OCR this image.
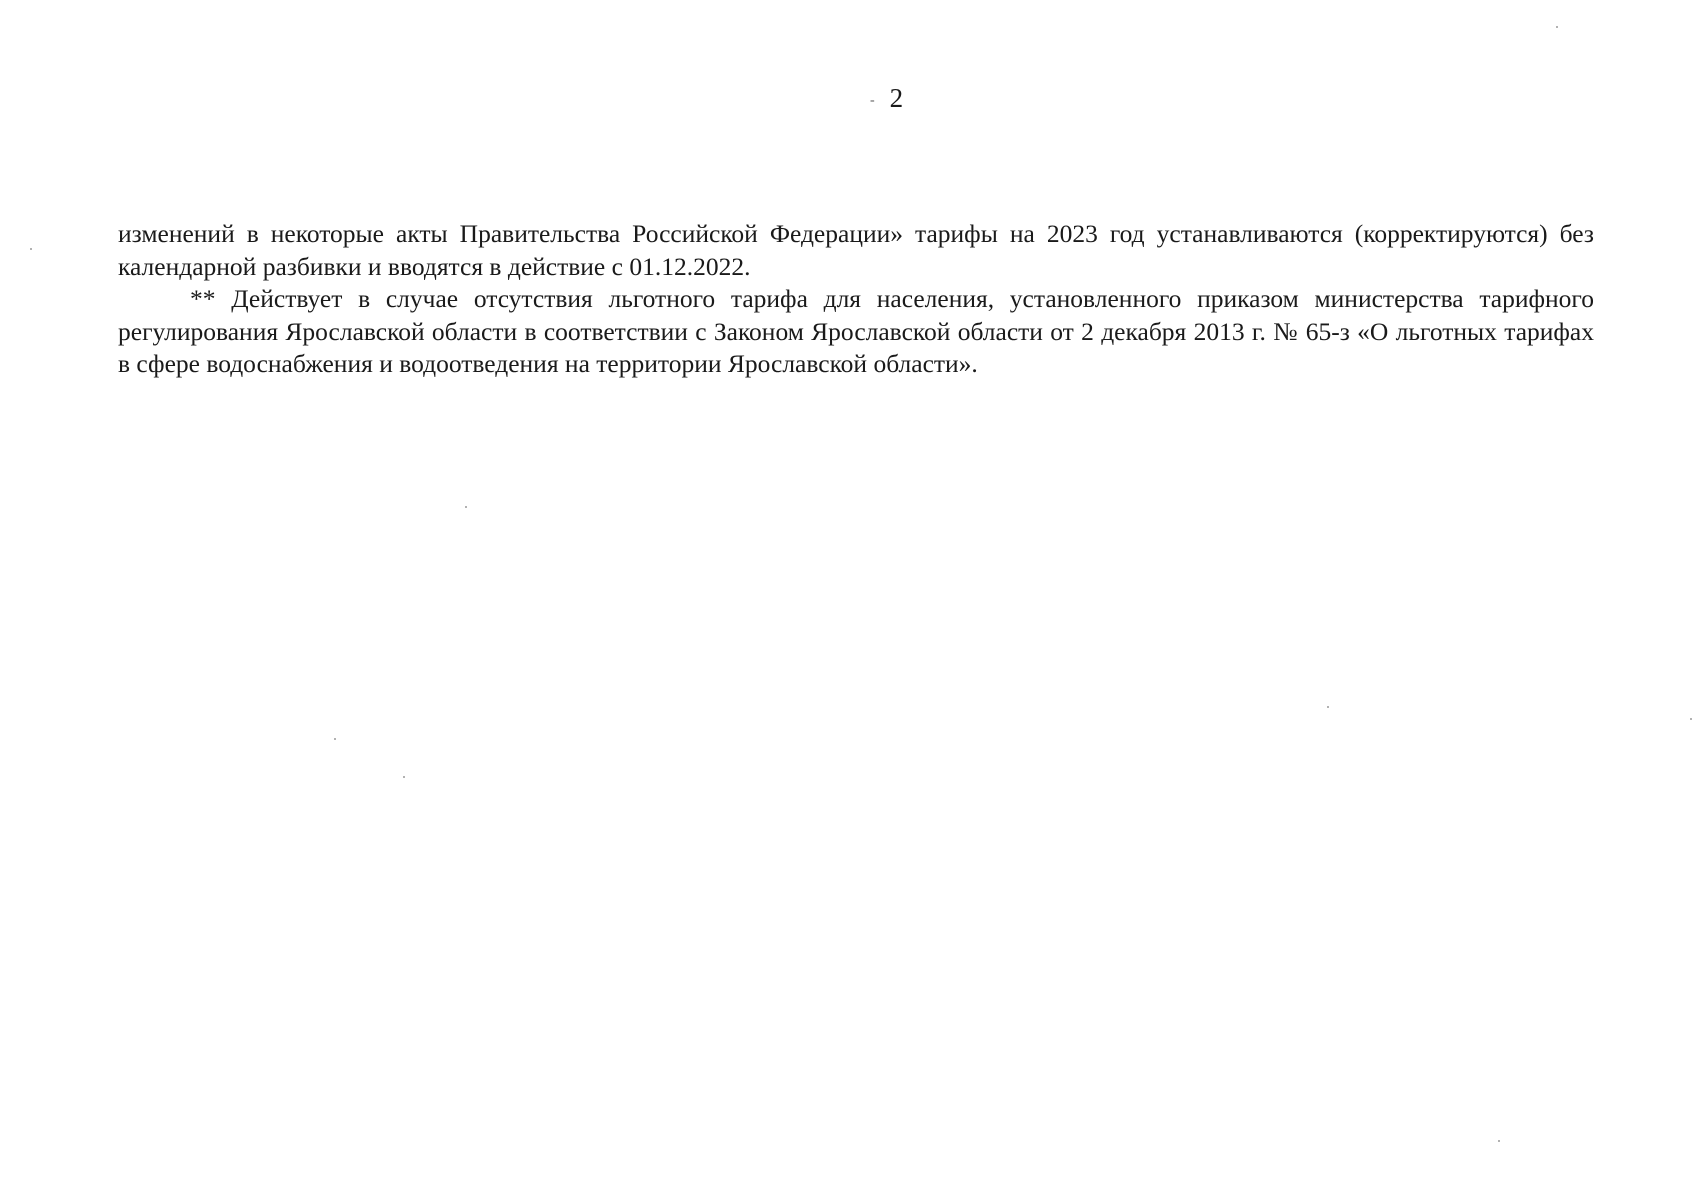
- 2

изменений в некоторые акты Правительства Российской Федерации» тарифы на 2023 год устанавливаются (корректируются) без календарной разбивки и вводятся в действие с 01.12.2022.

** Действует в случае отсутствия льготного тарифа для населения, установленного приказом министерства тарифного регулирования Ярославской области в соответствии с Законом Ярославской области от 2 декабря 2013 г. № 65-з «О льготных тарифах в сфере водоснабжения и водоотведения на территории Ярославской области».
